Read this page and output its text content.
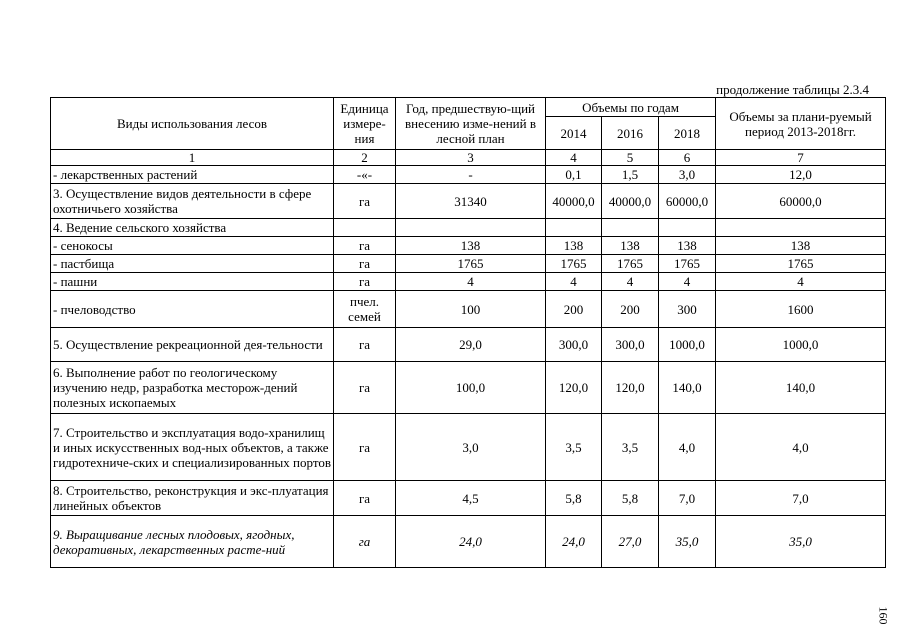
продолжение таблицы 2.3.4
Виды использования лесов	Единица измере-ния	Год, предшествую-щий внесению изме-нений в лесной план	Объемы по годам			Объемы за плани-руемый период 2013-2018гг.
			2014	2016	2018	
1	2	3	4	5	6	7
- лекарственных растений	-«-	-	0,1	1,5	3,0	12,0
3. Осуществление видов деятельности в сфере охотничьего хозяйства	га	31340	40000,0	40000,0	60000,0	60000,0
4. Ведение сельского хозяйства						
- сенокосы	га	138	138	138	138	138
- пастбища	га	1765	1765	1765	1765	1765
- пашни	га	4	4	4	4	4
- пчеловодство	пчел. семей	100	200	200	300	1600
5. Осуществление рекреационной дея-тельности	га	29,0	300,0	300,0	1000,0	1000,0
6. Выполнение работ по геологическому изучению недр, разработка месторож-дений полезных ископаемых	га	100,0	120,0	120,0	140,0	140,0
7. Строительство и эксплуатация водо-хранилищ и иных искусственных вод-ных объектов, а также гидротехниче-ских и специализированных портов	га	3,0	3,5	3,5	4,0	4,0
8. Строительство, реконструкция и экс-плуатация линейных объектов	га	4,5	5,8	5,8	7,0	7,0
9. Выращивание лесных плодовых, ягодных, декоративных, лекарственных расте-ний	га	24,0	24,0	27,0	35,0	35,0
160
